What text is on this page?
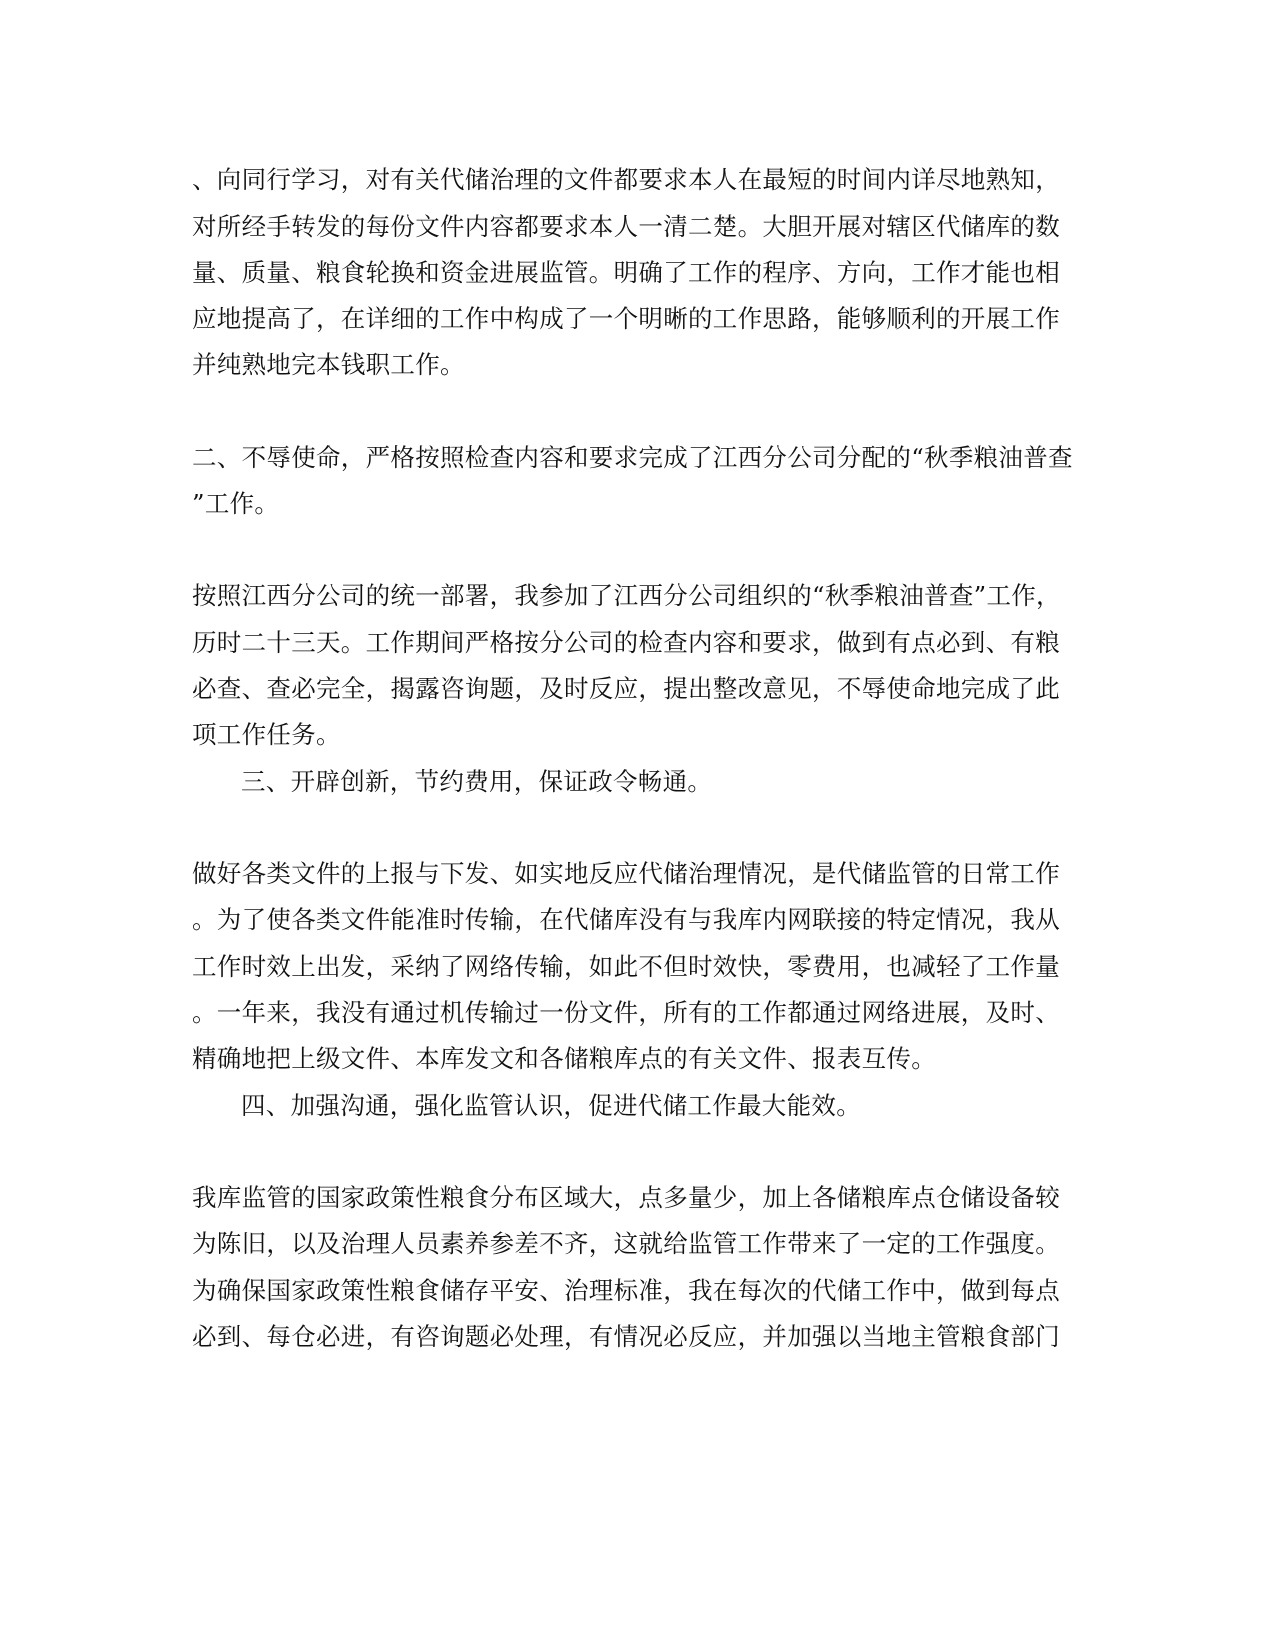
、向同行学习，对有关代储治理的文件都要求本人在最短的时间内详尽地熟知，

对所经手转发的每份文件内容都要求本人一清二楚。大胆开展对辖区代储库的数

量、质量、粮食轮换和资金进展监管。明确了工作的程序、方向，工作才能也相

应地提高了，在详细的工作中构成了一个明晰的工作思路，能够顺利的开展工作

并纯熟地完本钱职工作。

二、不辱使命，严格按照检查内容和要求完成了江西分公司分配的“秋季粮油普查

”工作。

按照江西分公司的统一部署，我参加了江西分公司组织的“秋季粮油普查”工作，

历时二十三天。工作期间严格按分公司的检查内容和要求，做到有点必到、有粮

必查、查必完全，揭露咨询题，及时反应，提出整改意见，不辱使命地完成了此

项工作任务。

三、开辟创新，节约费用，保证政令畅通。

做好各类文件的上报与下发、如实地反应代储治理情况，是代储监管的日常工作

。为了使各类文件能准时传输，在代储库没有与我库内网联接的特定情况，我从

工作时效上出发，采纳了网络传输，如此不但时效快，零费用，也减轻了工作量

。一年来，我没有通过机传输过一份文件，所有的工作都通过网络进展，及时、

精确地把上级文件、本库发文和各储粮库点的有关文件、报表互传。

四、加强沟通，强化监管认识，促进代储工作最大能效。

我库监管的国家政策性粮食分布区域大，点多量少，加上各储粮库点仓储设备较

为陈旧，以及治理人员素养参差不齐，这就给监管工作带来了一定的工作强度。

为确保国家政策性粮食储存平安、治理标准，我在每次的代储工作中，做到每点

必到、每仓必进，有咨询题必处理，有情况必反应，并加强以当地主管粮食部门
